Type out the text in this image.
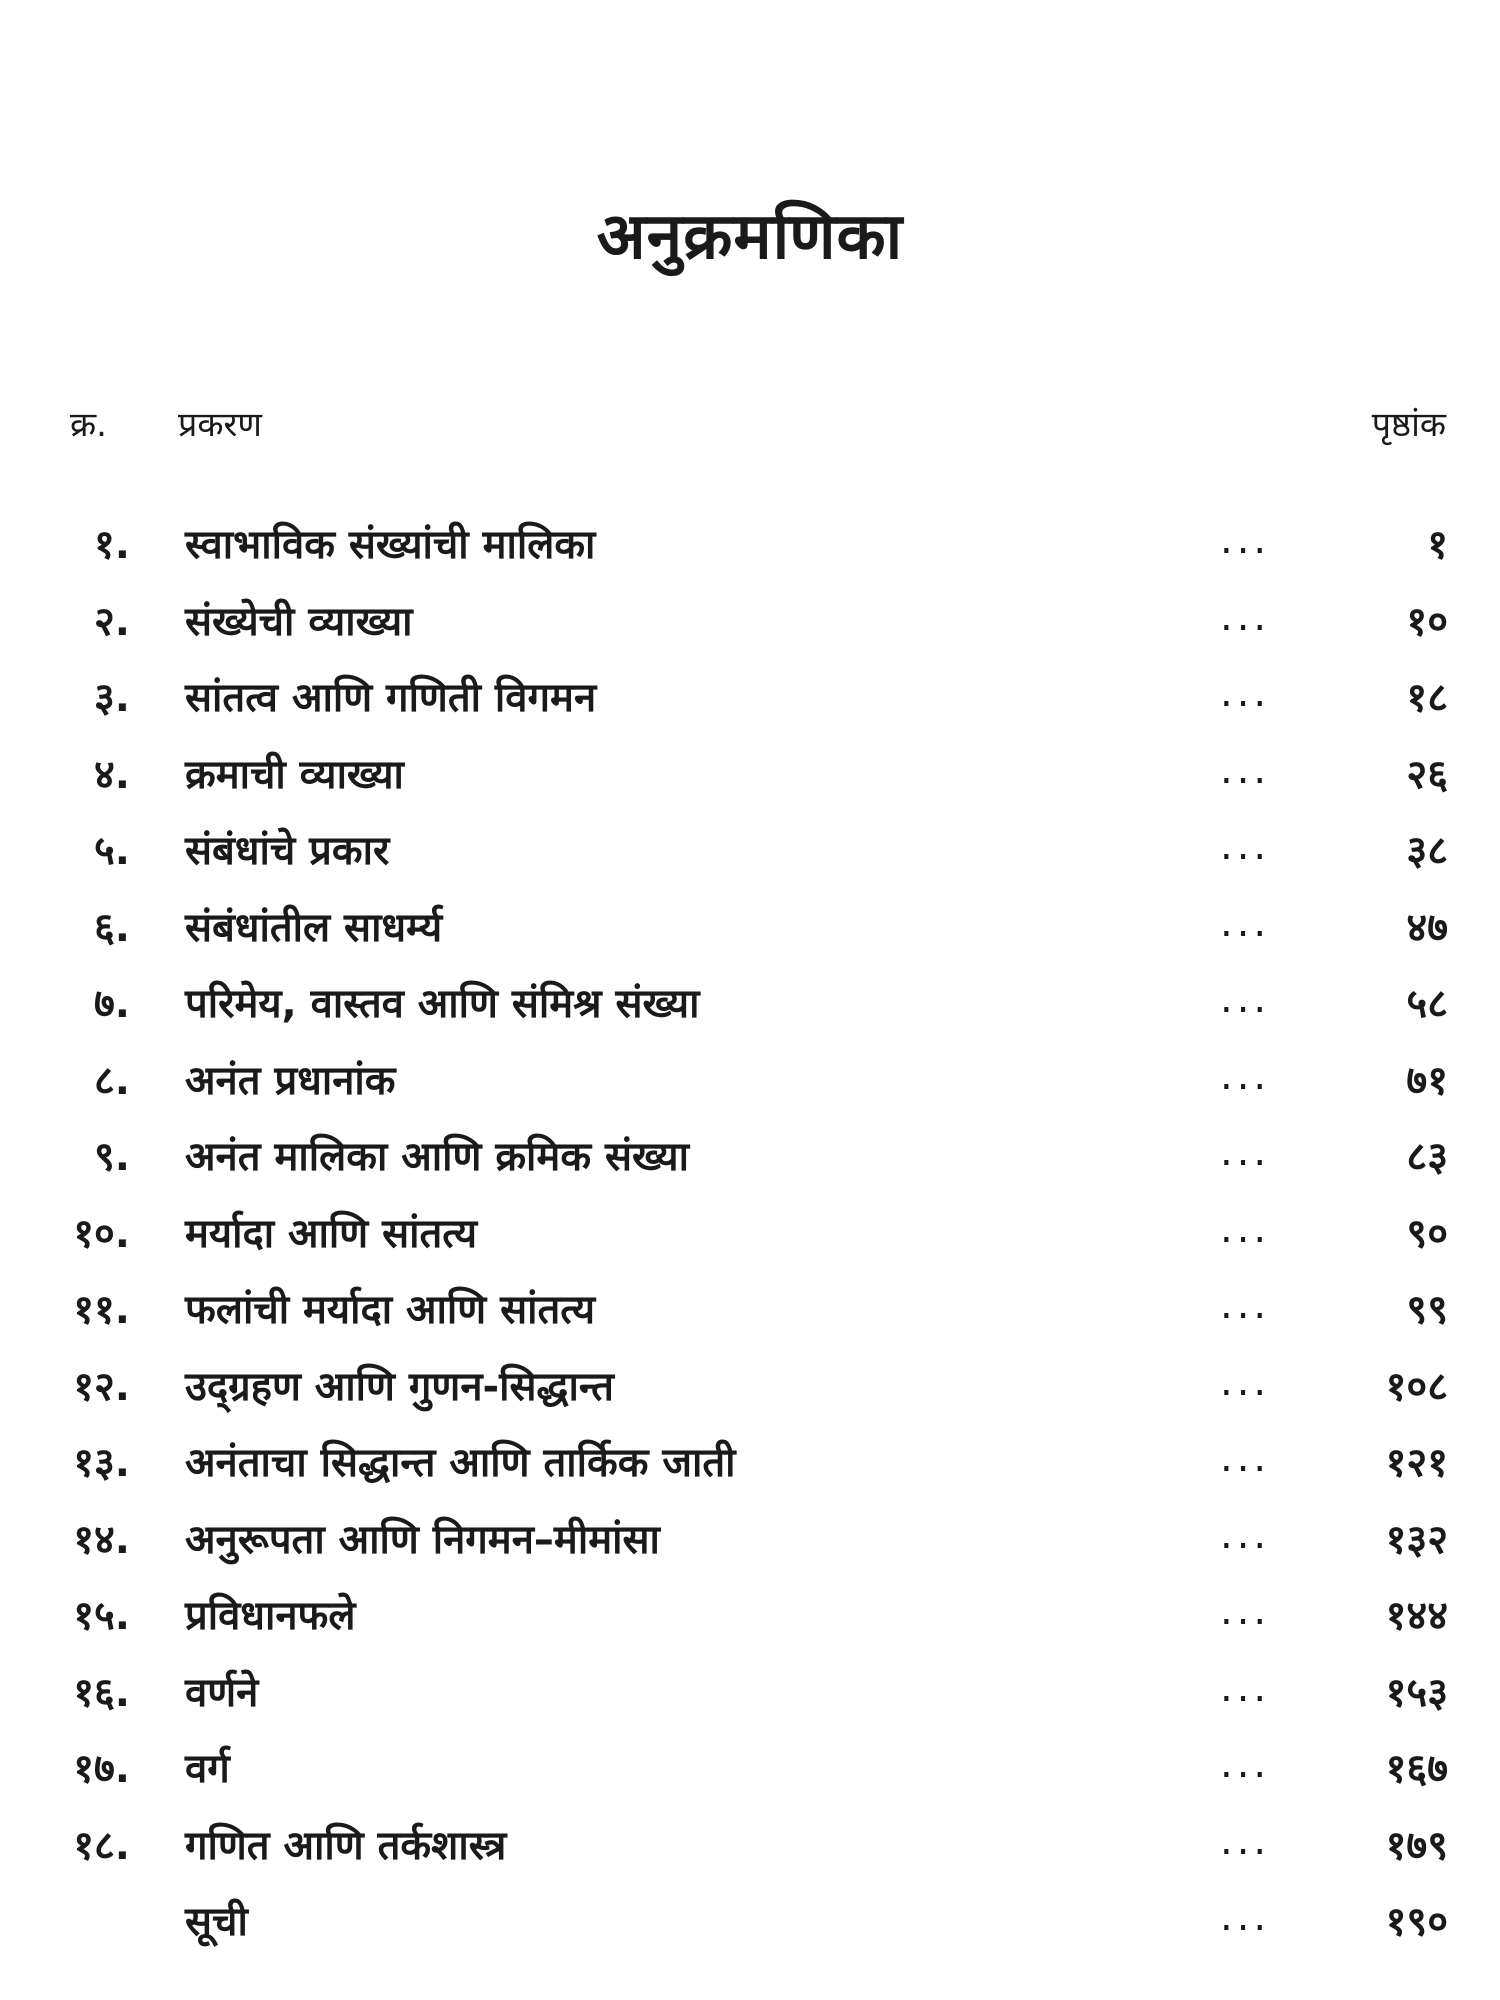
अनुक्रमणिका
क्र. प्रकरण	पृष्ठांक
१. स्वाभाविक संख्यांची मालिका	...	१
२. संख्येची व्याख्या	...	१०
३. सांतत्व आणि गणिती विगमन	...	१८
४. क्रमाची व्याख्या	...	२६
५. संबंधांचे प्रकार	...	३८
६. संबंधांतील साधर्म्य	...	४७
७. परिमेय, वास्तव आणि संमिश्र संख्या	...	५८
८. अनंत प्रधानांक	...	७१
९. अनंत मालिका आणि क्रमिक संख्या	...	८३
१०. मर्यादा आणि सांतत्य	...	९०
११. फलांची मर्यादा आणि सांतत्य	...	९९
१२. उद्ग्रहण आणि गुणन-सिद्धान्त	...	१०८
१३. अनंताचा सिद्धान्त आणि तार्किक जाती	...	१२१
१४. अनुरूपता आणि निगमन–मीमांसा	...	१३२
१५. प्रविधानफले	...	१४४
१६. वर्णने	...	१५३
१७. वर्ग	...	१६७
१८. गणित आणि तर्कशास्त्र	...	१७९
सूची	...	१९०
